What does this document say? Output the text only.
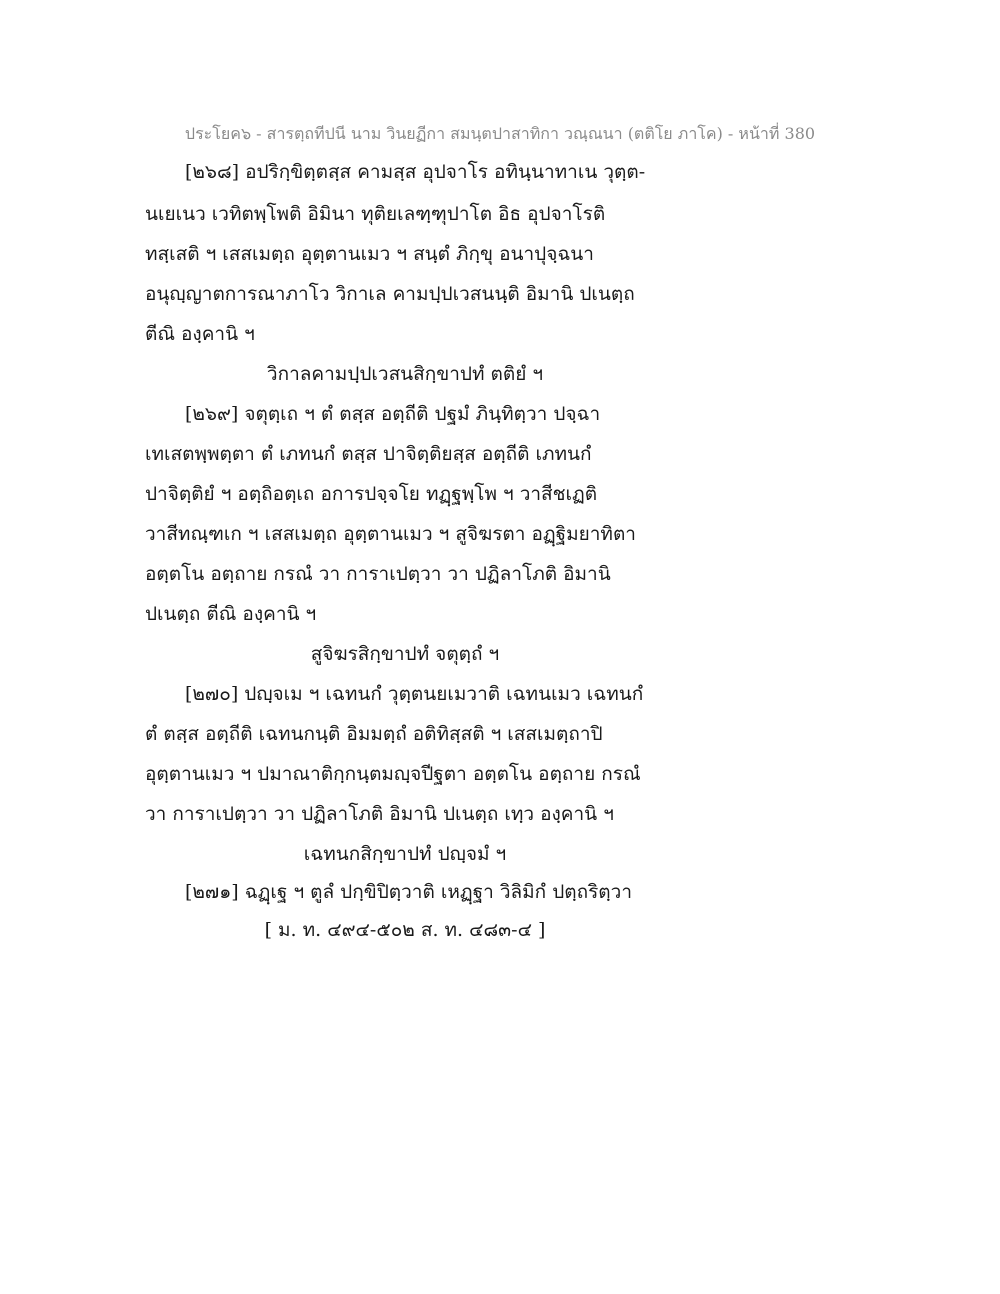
ประโยค๖ - สารตฺถทีปนี นาม วินยฏีกา สมนฺตปาสาทิกา วณฺณนา (ตติโย ภาโค) - หน้าที่ 380
[๒๖๘] อปริกฺขิตฺตสฺส คามสฺส อุปจาโร อทินฺนาทาเน วุตฺต-
นเยเนว เวทิตพฺโพติ อิมินา ทุติยเลฑฺฑุปาโต อิธ อุปจาโรติ
ทสฺเสติ ฯ เสสเมตฺถ อุตฺตานเมว ฯ สนฺตํ ภิกฺขุ อนาปุจฺฉนา
อนุญฺญาตการณาภาโว วิกาเล คามปฺปเวสนนฺติ อิมานิ ปเนตฺถ
ตีณิ องฺคานิ ฯ
วิกาลคามปฺปเวสนสิกฺขาปทํ ตติยํ ฯ
[๒๖๙] จตุตฺเถ ฯ ตํ ตสฺส อตฺถีติ ปฐมํ ภินฺทิตฺวา ปจฺฉา
เทเสตพฺพตฺตา ตํ เภทนกํ ตสฺส ปาจิตฺติยสฺส อตฺถีติ เภทนกํ
ปาจิตฺติยํ ฯ อตฺถิอตฺเถ อการปจฺจโย ทฏฺฐพฺโพ ฯ วาสีชเฏติ
วาสีทณฺฑเก ฯ เสสเมตฺถ อุตฺตานเมว ฯ สูจิฆรตา อฏฺฐิมยาทิตา
อตฺตโน อตฺถาย กรณํ วา การาเปตฺวา วา ปฏิลาโภติ อิมานิ
ปเนตฺถ ตีณิ องฺคานิ ฯ
สูจิฆรสิกฺขาปทํ จตุตฺถํ ฯ
[๒๗๐] ปญฺจเม ฯ เฉทนกํ วุตฺตนยเมวาติ เฉทนเมว เฉทนกํ
ตํ ตสฺส อตฺถีติ เฉทนกนฺติ อิมมตฺถํ อติทิสฺสติ ฯ เสสเมตฺถาปิ
อุตฺตานเมว ฯ ปมาณาติกฺกนฺตมญฺจปีฐตา อตฺตโน อตฺถาย กรณํ
วา การาเปตฺวา วา ปฏิลาโภติ อิมานิ ปเนตฺถ เทฺว องฺคานิ ฯ
เฉทนกสิกฺขาปทํ ปญฺจมํ ฯ
[๒๗๑] ฉฏฺเฐ ฯ ตูลํ ปกฺขิปิตฺวาติ เหฏฺฐา วิลิมิกํ ปตฺถริตฺวา
[ ม. ท. ๔๙๔-๕๐๒ ส. ท. ๔๘๓-๔ ]
